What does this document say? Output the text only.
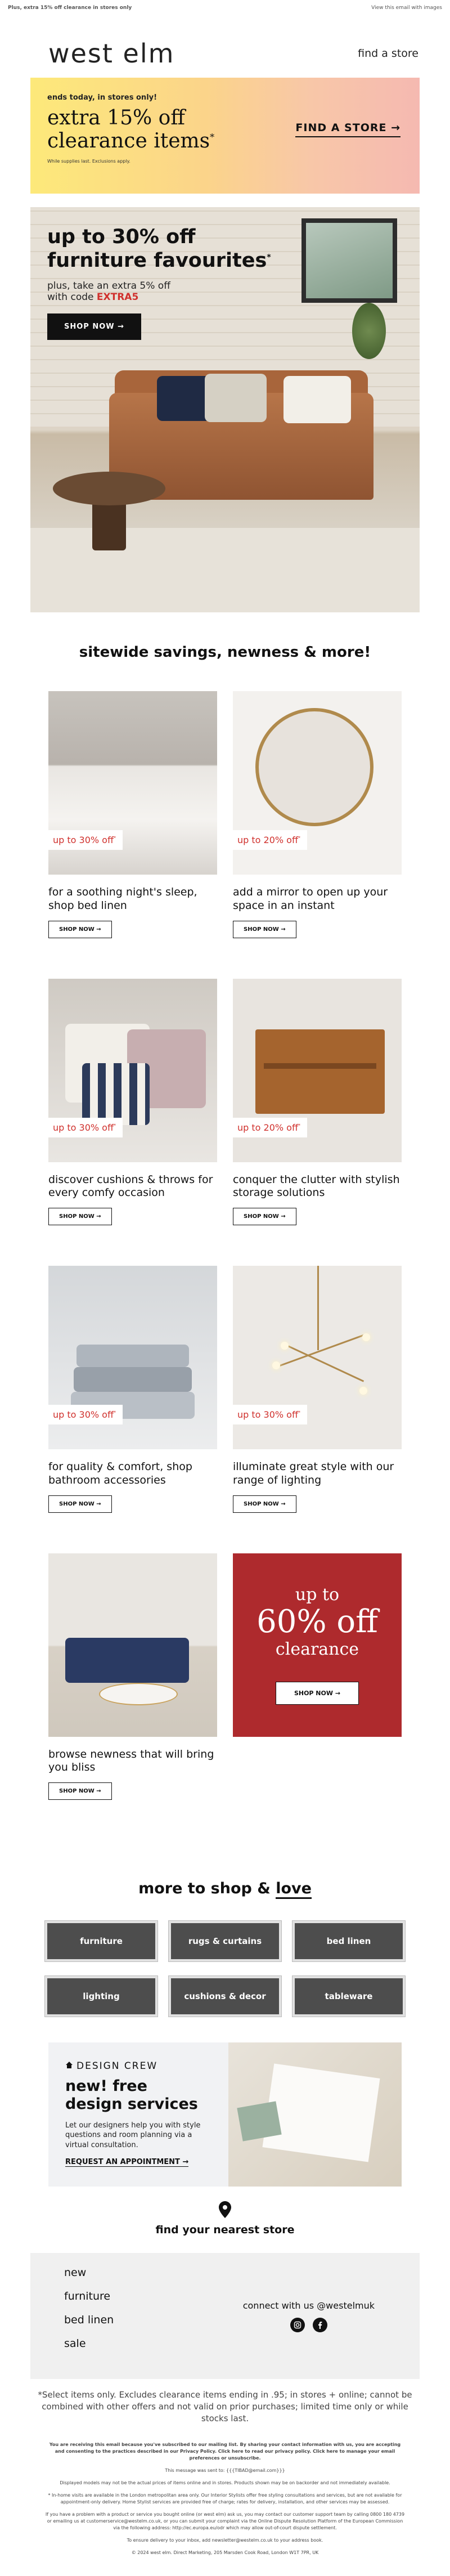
Plus, extra 15% off clearance in stores only	View this email with images
west elm	find a store
ends today, in stores only!
extra 15% off
clearance items*
While supplies last. Exclusions apply.
FIND A STORE →
up to 30% off
furniture favourites*
plus, take an extra 5% off
with code EXTRA5
SHOP NOW →
sitewide savings, newness & more!
up to 30% off*
for a soothing night's sleep, shop bed linen
SHOP NOW →
up to 20% off*
add a mirror to open up your space in an instant
SHOP NOW →
up to 30% off*
discover cushions & throws for every comfy occasion
SHOP NOW →
up to 20% off*
conquer the clutter with stylish storage solutions
SHOP NOW →
up to 30% off*
for quality & comfort, shop bathroom accessories
SHOP NOW →
up to 30% off*
illuminate great style with our range of lighting
SHOP NOW →
browse newness that will bring you bliss
SHOP NOW →
up to
60% off
clearance
SHOP NOW →
more to shop & love
furniture	rugs & curtains	bed linen
lighting	cushions & decor	tableware
DESIGN CREW
new! free
design services

Let our designers help you with style questions and room planning via a virtual consultation.

REQUEST AN APPOINTMENT →
find your nearest store
new
furniture
bed linen
sale
connect with us @westelmuk
*Select items only. Excludes clearance items ending in .95; in stores + online; cannot be combined with other offers and not valid on prior purchases; limited time only or while stocks last.

You are receiving this email because you've subscribed to our mailing list. By sharing your contact information with us, you are accepting and consenting to the practices described in our Privacy Policy. Click here to read our privacy policy. Click here to manage your email preferences or unsubscribe.

This message was sent to: {{{TIBAD@email.com}}}

Displayed models may not be the actual prices of items online and in stores. Products shown may be on backorder and not immediately available.

* In-home visits are available in the London metropolitan area only. Our Interior Stylists offer free styling consultations and services, but are not available for appointment-only delivery. Home Stylist services are provided free of charge; rates for delivery, installation, and other services may be assessed.

If you have a problem with a product or service you bought online (or west elm) ask us, you may contact our customer support team by calling 0800 180 4739 or emailing us at customerservice@westelm.co.uk, or you can submit your complaint via the Online Dispute Resolution Platform of the European Commission via the following address: http://ec.europa.eu/odr which may allow out-of-court dispute settlement.

To ensure delivery to your inbox, add newsletter@westelm.co.uk to your address book.

© 2024 west elm. Direct Marketing, 205 Marsden Cook Road, London W1T 7PR, UK
